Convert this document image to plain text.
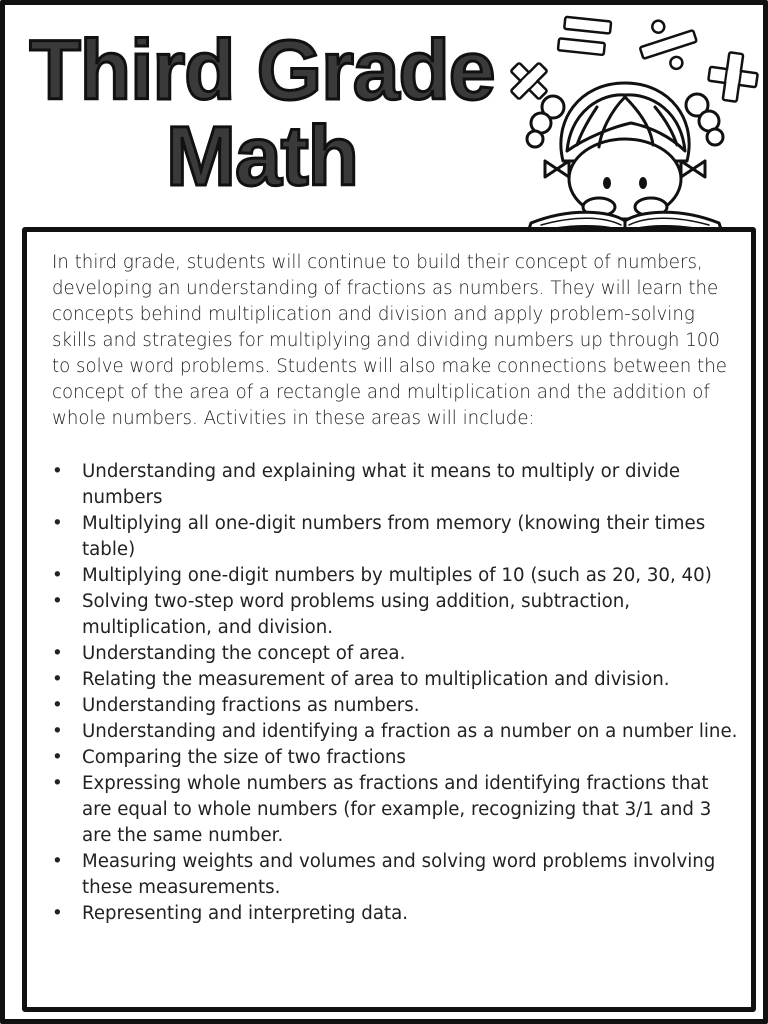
Third Grade
Math

In third grade, students will continue to build their concept of numbers, developing an understanding of fractions as numbers. They will learn the concepts behind multiplication and division and apply problem-solving skills and strategies for multiplying and dividing numbers up through 100 to solve word problems. Students will also make connections between the concept of the area of a rectangle and multiplication and the addition of whole numbers. Activities in these areas will include:

• Understanding and explaining what it means to multiply or divide numbers
• Multiplying all one-digit numbers from memory (knowing their times table)
• Multiplying one-digit numbers by multiples of 10 (such as 20, 30, 40)
• Solving two-step word problems using addition, subtraction, multiplication, and division.
• Understanding the concept of area.
• Relating the measurement of area to multiplication and division.
• Understanding fractions as numbers.
• Understanding and identifying a fraction as a number on a number line.
• Comparing the size of two fractions
• Expressing whole numbers as fractions and identifying fractions that are equal to whole numbers (for example, recognizing that 3/1 and 3 are the same number.
• Measuring weights and volumes and solving word problems involving these measurements.
• Representing and interpreting data.
